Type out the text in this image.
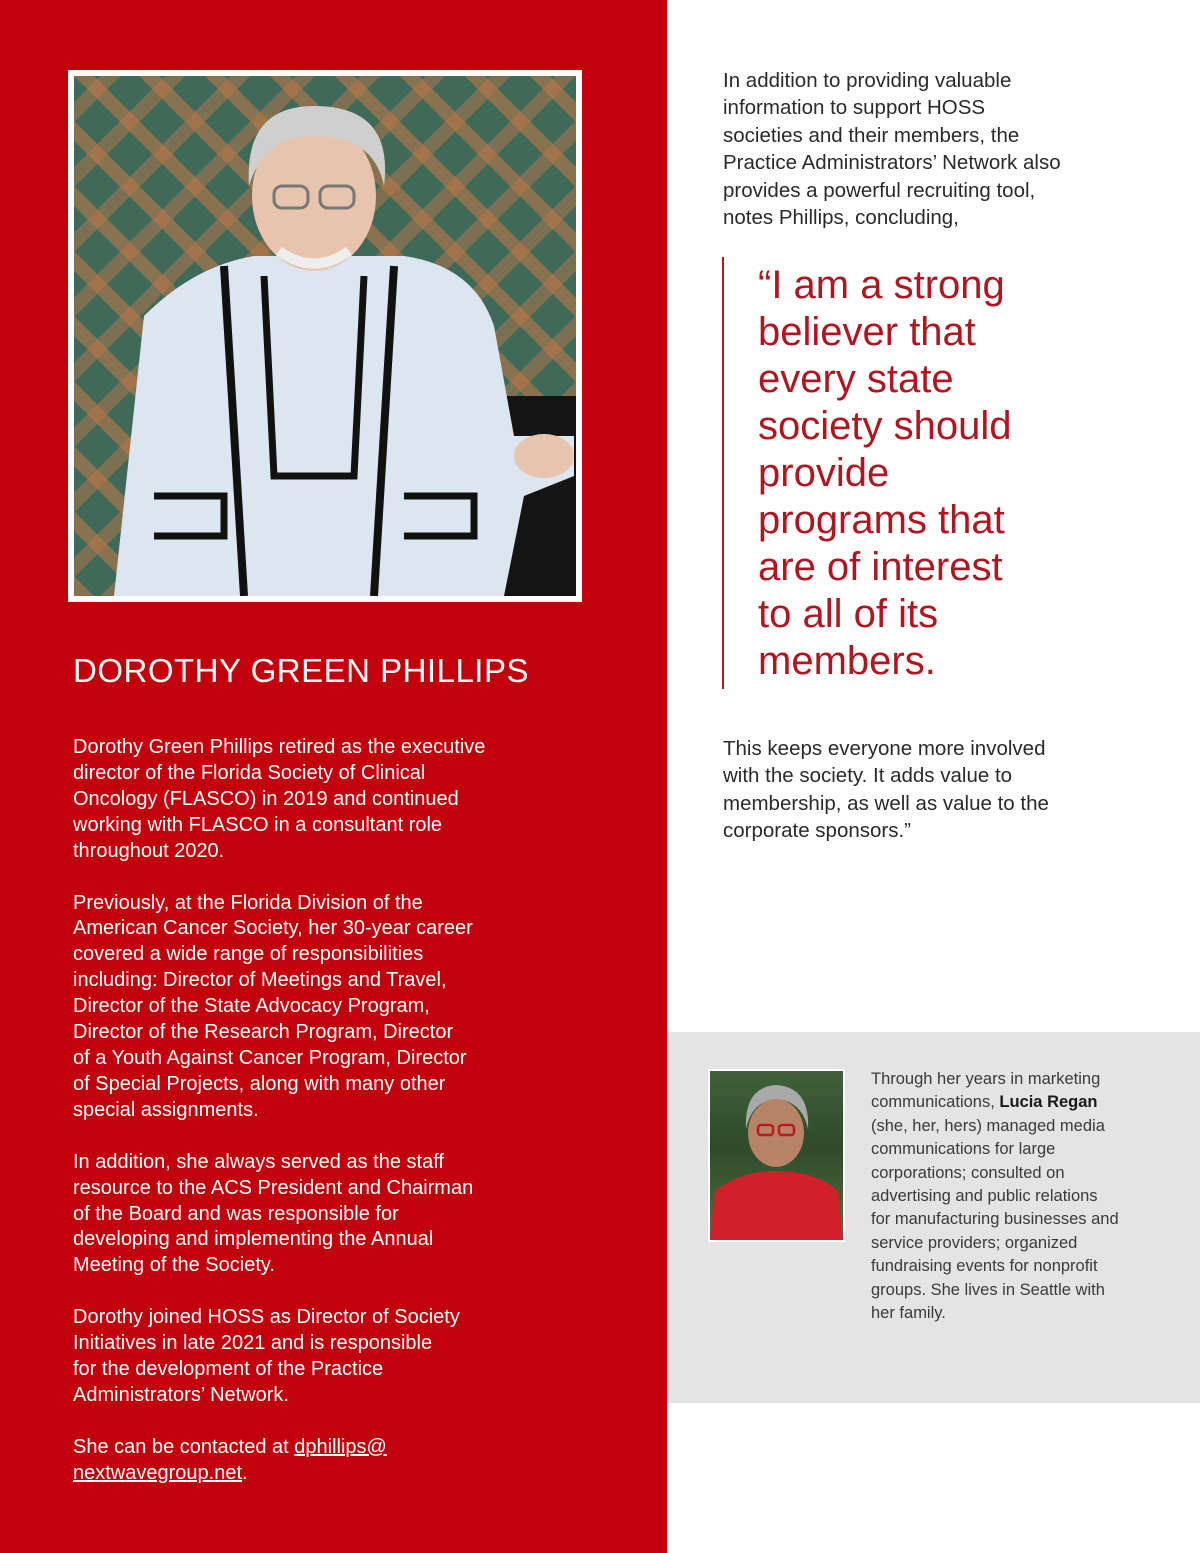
DOROTHY GREEN PHILLIPS

Dorothy Green Phillips retired as the executive
director of the Florida Society of Clinical
Oncology (FLASCO) in 2019 and continued
working with FLASCO in a consultant role
throughout 2020.

Previously, at the Florida Division of the
American Cancer Society, her 30-year career
covered a wide range of responsibilities
including: Director of Meetings and Travel,
Director of the State Advocacy Program,
Director of the Research Program, Director
of a Youth Against Cancer Program, Director
of Special Projects, along with many other
special assignments.

In addition, she always served as the staff
resource to the ACS President and Chairman
of the Board and was responsible for
developing and implementing the Annual
Meeting of the Society.

Dorothy joined HOSS as Director of Society
Initiatives in late 2021 and is responsible
for the development of the Practice
Administrators’ Network.

She can be contacted at dphillips@
nextwavegroup.net.

In addition to providing valuable
information to support HOSS
societies and their members, the
Practice Administrators’ Network also
provides a powerful recruiting tool,
notes Phillips, concluding,
“I am a strong
believer that
every state
society should
provide
programs that
are of interest
to all of its
members.
This keeps everyone more involved
with the society. It adds value to
membership, as well as value to the
corporate sponsors.”
Through her years in marketing communications, Lucia Regan (she, her, hers) managed media communications for large corporations; consulted on advertising and public relations for manufacturing businesses and service providers; organized fundraising events for nonprofit groups. She lives in Seattle with her family.
